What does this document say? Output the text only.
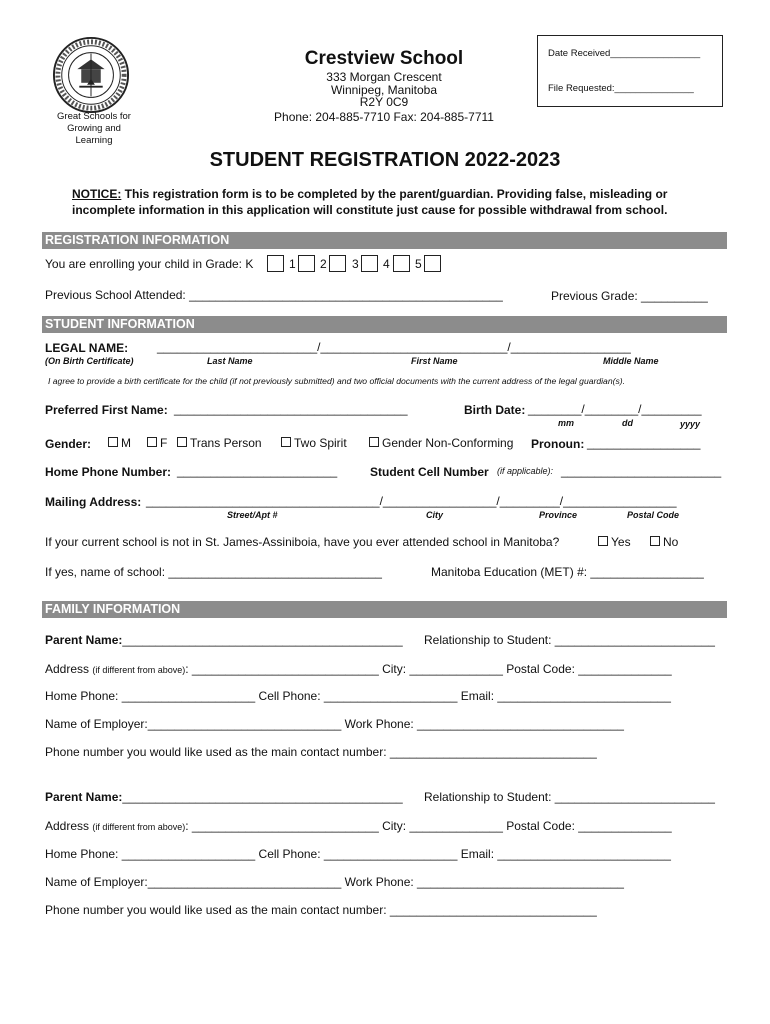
Great Schools for
Growing and
Learning
Crestview School
333 Morgan Crescent
Winnipeg, Manitoba
R2Y 0C9
Phone: 204-885-7710 Fax: 204-885-7711
Date Received_________________
File Requested:_______________
STUDENT REGISTRATION 2022-2023
NOTICE: This registration form is to be completed by the parent/guardian. Providing false, misleading or
incomplete information in this application will constitute just cause for possible withdrawal from school.
REGISTRATION INFORMATION
You are enrolling your child in Grade: K	1 2 3 4 5
Previous School Attended: _______________________________________________	Previous Grade: __________
STUDENT INFORMATION
LEGAL NAME: ________________________/____________________________/__________________
(On Birth Certificate)	Last Name	First Name	Middle Name
I agree to provide a birth certificate for the child (if not previously submitted) and two official documents with the current address of the legal guardian(s).
Preferred First Name: ___________________________________	Birth Date: ________/________/_________
mm	dd	yyyy
Gender:	M	F	Trans Person	Two Spirit	Gender Non-Conforming Pronoun: _________________
Home Phone Number: ________________________	Student Cell Number (if applicable): ________________________
Mailing Address: ___________________________________/_________________/_________/_________________
Street/Apt #	City	Province	Postal Code
If your current school is not in St. James-Assiniboia, have you ever attended school in Manitoba?	Yes	No
If yes, name of school: ________________________________	Manitoba Education (MET) #: _________________
FAMILY INFORMATION
Parent Name:__________________________________________ Relationship to Student: ________________________
Address (if different from above): ____________________________ City: ______________ Postal Code: ______________
Home Phone: ____________________ Cell Phone: ____________________ Email: __________________________
Name of Employer:_____________________________ Work Phone: _______________________________
Phone number you would like used as the main contact number: _______________________________
Parent Name:__________________________________________ Relationship to Student: ________________________
Address (if different from above): ____________________________ City: ______________ Postal Code: ______________
Home Phone: ____________________ Cell Phone: ____________________ Email: __________________________
Name of Employer:_____________________________ Work Phone: _______________________________
Phone number you would like used as the main contact number: _______________________________
